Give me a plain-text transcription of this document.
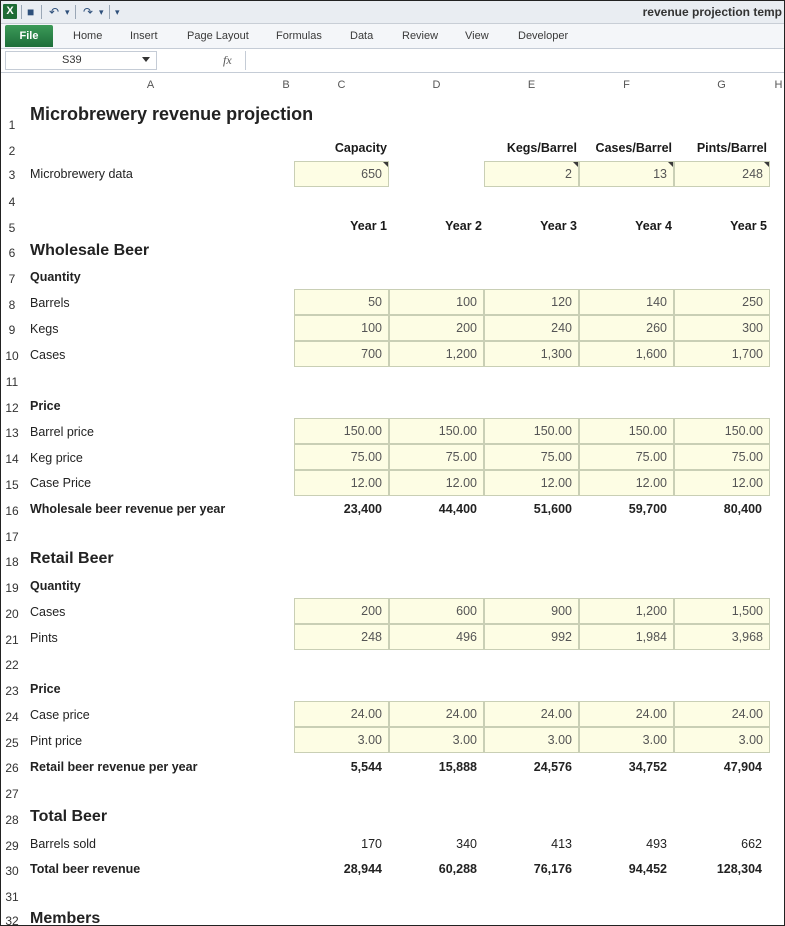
X ■ ↶ ▾ ↷ ▾ ▾	revenue projection temp
File	Home	Insert	Page Layout Formulas	Data	Review View	Developer
S39	fx
A	B	C	D	E	F	G	H
1
2
3
4
5
6
7
8
9
10
11
12
13
14
15
16
17
18
19
20
21
22
23
24
25
26
27
28
29
30
31
32
Microbrewery revenue projection
Capacity	Kegs/Barrel	Cases/Barrel	Pints/Barrel
Microbrewery data	650	2	13	248
Year 1	Year 2	Year 3	Year 4	Year 5
Wholesale Beer
Quantity
Barrels	50	100	120	140	250
Kegs	100	200	240	260	300
Cases	700	1,200	1,300	1,600	1,700
Price
Barrel price	150.00	150.00	150.00	150.00	150.00
Keg price	75.00	75.00	75.00	75.00	75.00
Case Price	12.00	12.00	12.00	12.00	12.00
Wholesale beer revenue per year	23,400	44,400	51,600	59,700	80,400
Retail Beer
Quantity
Cases	200	600	900	1,200	1,500
Pints	248	496	992	1,984	3,968
Price
Case price	24.00	24.00	24.00	24.00	24.00
Pint price	3.00	3.00	3.00	3.00	3.00
Retail beer revenue per year	5,544	15,888	24,576	34,752	47,904
Total Beer
Barrels sold	170	340	413	493	662
Total beer revenue	28,944	60,288	76,176	94,452	128,304
Members
